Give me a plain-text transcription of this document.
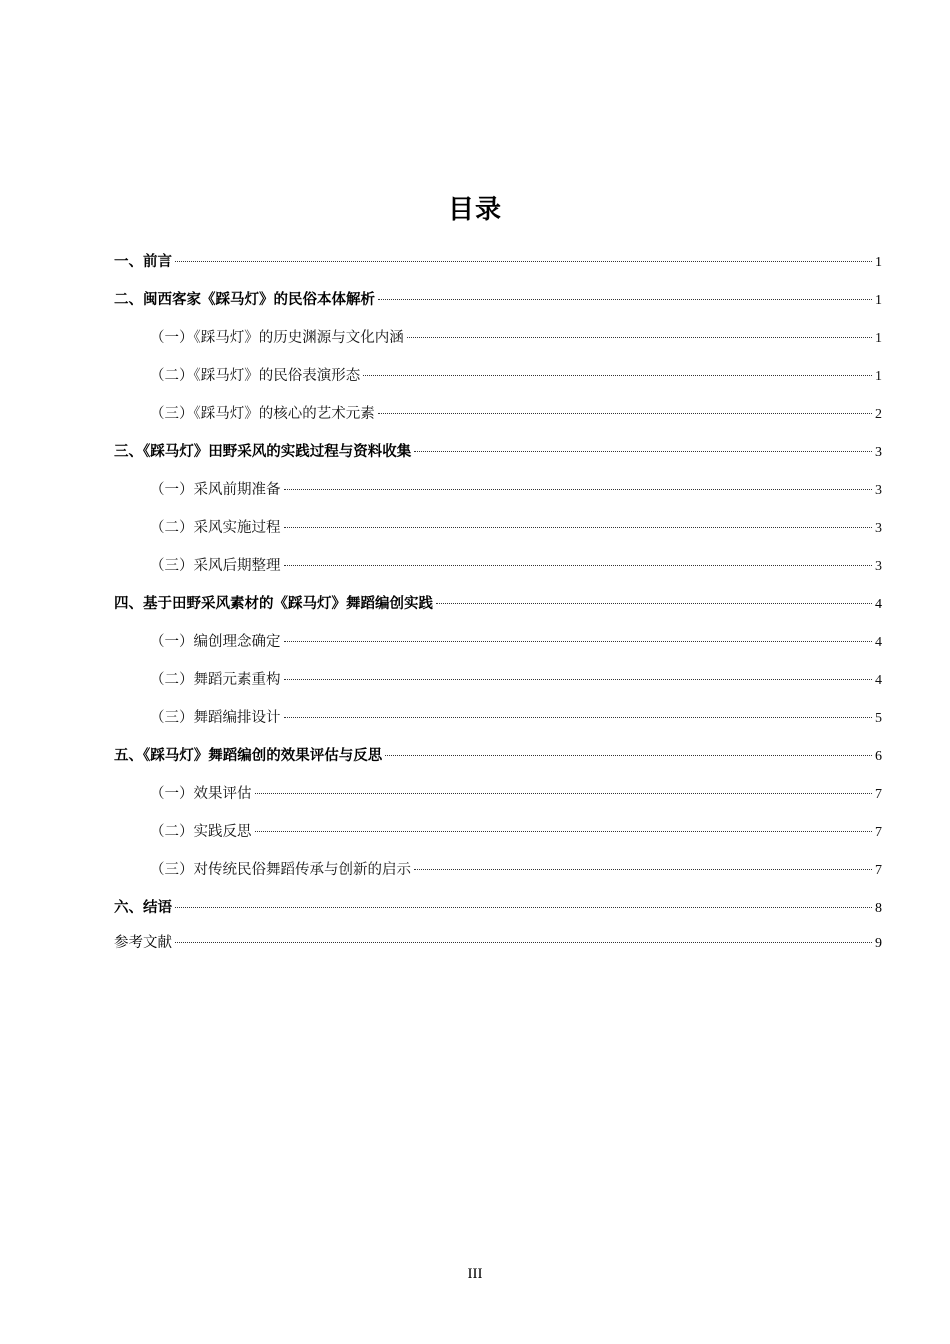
目录
一、前言	1
二、闽西客家《踩马灯》的民俗本体解析	1
（一）《踩马灯》的历史渊源与文化内涵	1
（二）《踩马灯》的民俗表演形态	1
（三）《踩马灯》的核心的艺术元素	2
三、《踩马灯》田野采风的实践过程与资料收集	3
（一）采风前期准备	3
（二）采风实施过程	3
（三）采风后期整理	3
四、基于田野采风素材的《踩马灯》舞蹈编创实践	4
（一）编创理念确定	4
（二）舞蹈元素重构	4
（三）舞蹈编排设计	5
五、《踩马灯》舞蹈编创的效果评估与反思	6
（一）效果评估	7
（二）实践反思	7
（三）对传统民俗舞蹈传承与创新的启示	7
六、结语	8
参考文献	9
III
